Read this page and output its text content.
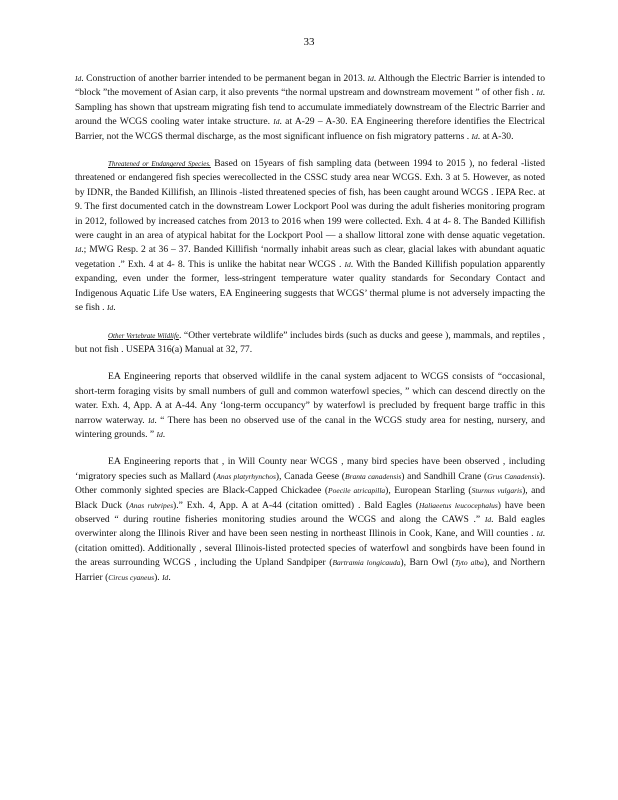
33

Id. Construction of another barrier intended to be permanent began in 2013. Id. Although the Electric Barrier is intended to “block ”the movement of Asian carp, it also prevents “the normal upstream and downstream movement ” of other fish . Id. Sampling has shown that upstream migrating fish tend to accumulate immediately downstream of the Electric Barrier and around the WCGS cooling water intake structure. Id. at A-29 – A-30. EA Engineering therefore identifies the Electrical Barrier, not the WCGS thermal discharge, as the most significant influence on fish migratory patterns . Id. at A-30.

Threatened or Endangered Species. Based on 15years of fish sampling data (between 1994 to 2015 ), no federal -listed threatened or endangered fish species werecollected in the CSSC study area near WCGS. Exh. 3 at 5. However, as noted by IDNR, the Banded Killifish, an Illinois -listed threatened species of fish, has been caught around WCGS . IEPA Rec. at 9. The first documented catch in the downstream Lower Lockport Pool was during the adult fisheries monitoring program in 2012, followed by increased catches from 2013 to 2016 when 199 were collected. Exh. 4 at 4- 8. The Banded Killifish were caught in an area of atypical habitat for the Lockport Pool — a shallow littoral zone with dense aquatic vegetation. Id.; MWG Resp. 2 at 36 – 37. Banded Killifish ‘normally inhabit areas such as clear, glacial lakes with abundant aquatic vegetation .” Exh. 4 at 4- 8. This is unlike the habitat near WCGS . Id. With the Banded Killifish population apparently expanding, even under the former, less-stringent temperature water quality standards for Secondary Contact and Indigenous Aquatic Life Use waters, EA Engineering suggests that WCGS’ thermal plume is not adversely impacting the se fish . Id.

Other Vertebrate Wildlife. “Other vertebrate wildlife” includes birds (such as ducks and geese ), mammals, and reptiles , but not fish . USEPA 316(a) Manual at 32, 77.

EA Engineering reports that observed wildlife in the canal system adjacent to WCGS consists of “occasional, short-term foraging visits by small numbers of gull and common waterfowl species, ” which can descend directly on the water. Exh. 4, App. A at A-44. Any ‘long-term occupancy” by waterfowl is precluded by frequent barge traffic in this narrow waterway. Id. “ There has been no observed use of the canal in the WCGS study area for nesting, nursery, and wintering grounds. ” Id.

EA Engineering reports that , in Will County near WCGS , many bird species have been observed , including ‘migratory species such as Mallard (Anas platyrhynchos), Canada Geese (Branta canadensis) and Sandhill Crane (Grus Canadensis). Other commonly sighted species are Black-Capped Chickadee (Poecile atricapilla), European Starling (Sturnus vulgaris), and Black Duck (Anas rubripes).” Exh. 4, App. A at A-44 (citation omitted) . Bald Eagles (Haliaeetus leucocephalus) have been observed “ during routine fisheries monitoring studies around the WCGS and along the CAWS .” Id. Bald eagles overwinter along the Illinois River and have been seen nesting in northeast Illinois in Cook, Kane, and Will counties . Id. (citation omitted). Additionally , several Illinois-listed protected species of waterfowl and songbirds have been found in the areas surrounding WCGS , including the Upland Sandpiper (Bartramia longicauda), Barn Owl (Tyto alba), and Northern Harrier (Circus cyaneus). Id.
